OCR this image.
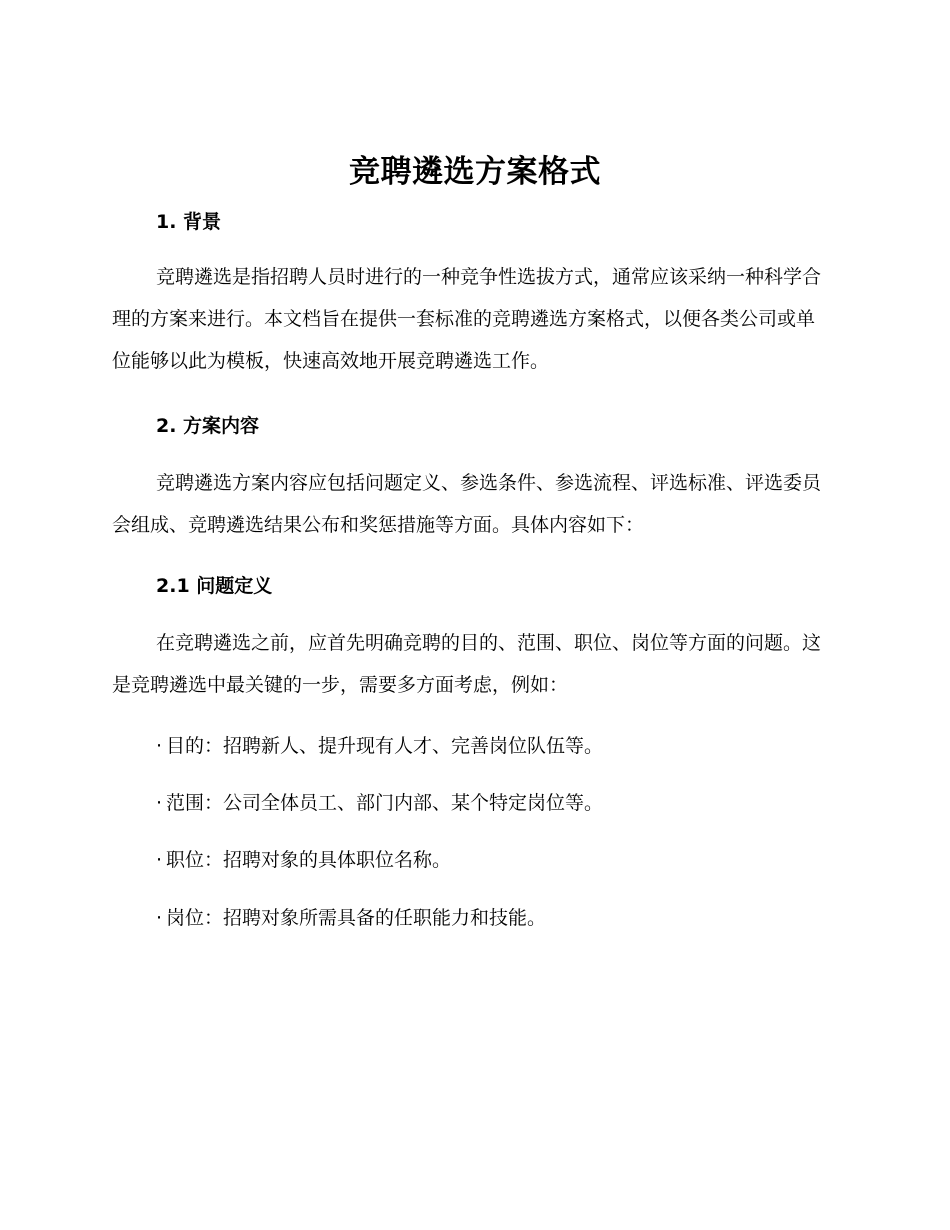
竞聘遴选方案格式
1. 背景
竞聘遴选是指招聘人员时进行的一种竞争性选拔方式，通常应该采纳一种科学合理的方案来进行。本文档旨在提供一套标准的竞聘遴选方案格式，以便各类公司或单位能够以此为模板，快速高效地开展竞聘遴选工作。
2. 方案内容
竞聘遴选方案内容应包括问题定义、参选条件、参选流程、评选标准、评选委员会组成、竞聘遴选结果公布和奖惩措施等方面。具体内容如下：
2.1 问题定义
在竞聘遴选之前，应首先明确竞聘的目的、范围、职位、岗位等方面的问题。这是竞聘遴选中最关键的一步，需要多方面考虑，例如：
· 目的：招聘新人、提升现有人才、完善岗位队伍等。
· 范围：公司全体员工、部门内部、某个特定岗位等。
· 职位：招聘对象的具体职位名称。
· 岗位：招聘对象所需具备的任职能力和技能。
